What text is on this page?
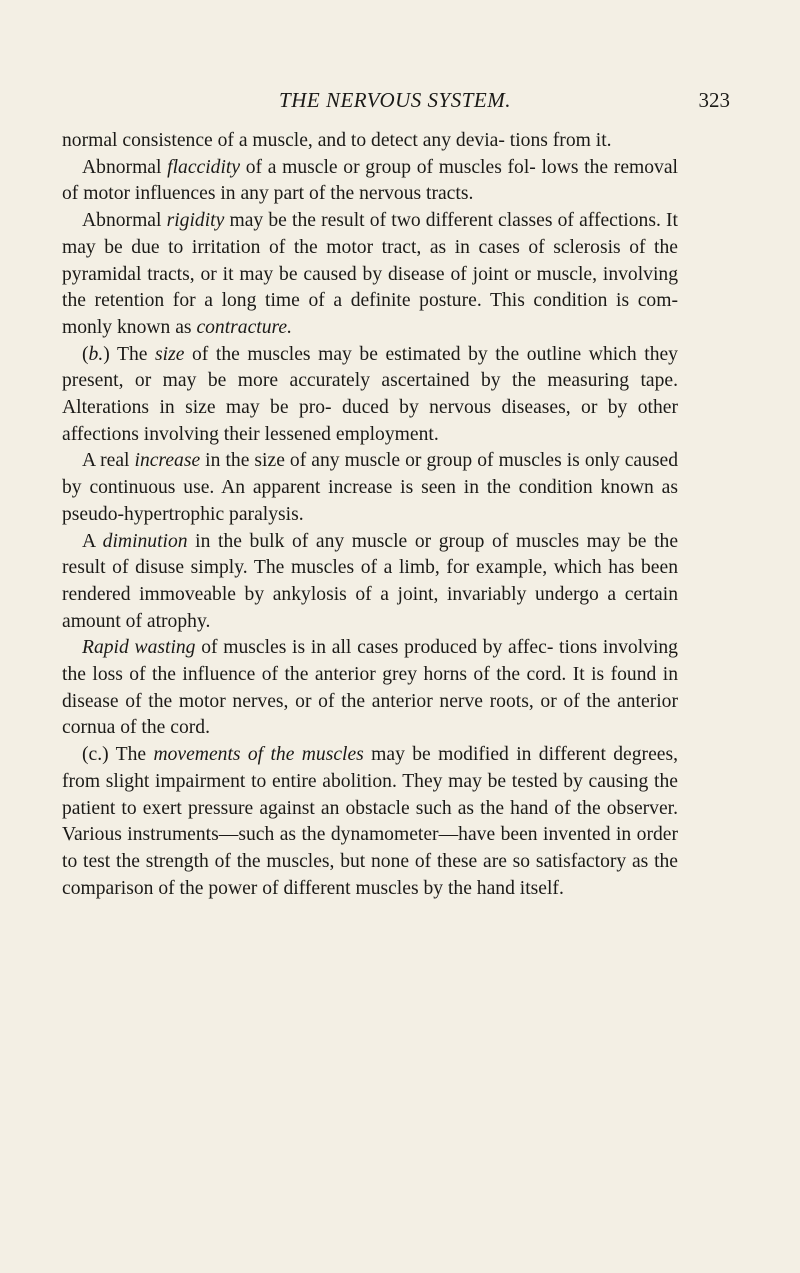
THE NERVOUS SYSTEM.	323

normal consistence of a muscle, and to detect any devia- tions from it.

Abnormal flaccidity of a muscle or group of muscles fol- lows the removal of motor influences in any part of the nervous tracts.

Abnormal rigidity may be the result of two different classes of affections. It may be due to irritation of the motor tract, as in cases of sclerosis of the pyramidal tracts, or it may be caused by disease of joint or muscle, involving the retention for a long time of a definite posture. This condition is com- monly known as contracture.

(b.) The size of the muscles may be estimated by the outline which they present, or may be more accurately ascertained by the measuring tape. Alterations in size may be pro- duced by nervous diseases, or by other affections involving their lessened employment.

A real increase in the size of any muscle or group of muscles is only caused by continuous use. An apparent increase is seen in the condition known as pseudo-hypertrophic paralysis.

A diminution in the bulk of any muscle or group of muscles may be the result of disuse simply. The muscles of a limb, for example, which has been rendered immoveable by ankylosis of a joint, invariably undergo a certain amount of atrophy.

Rapid wasting of muscles is in all cases produced by affec- tions involving the loss of the influence of the anterior grey horns of the cord. It is found in disease of the motor nerves, or of the anterior nerve roots, or of the anterior cornua of the cord.

(c.) The movements of the muscles may be modified in different degrees, from slight impairment to entire abolition. They may be tested by causing the patient to exert pressure against an obstacle such as the hand of the observer. Various instruments—such as the dynamometer—have been invented in order to test the strength of the muscles, but none of these are so satisfactory as the comparison of the power of different muscles by the hand itself.
